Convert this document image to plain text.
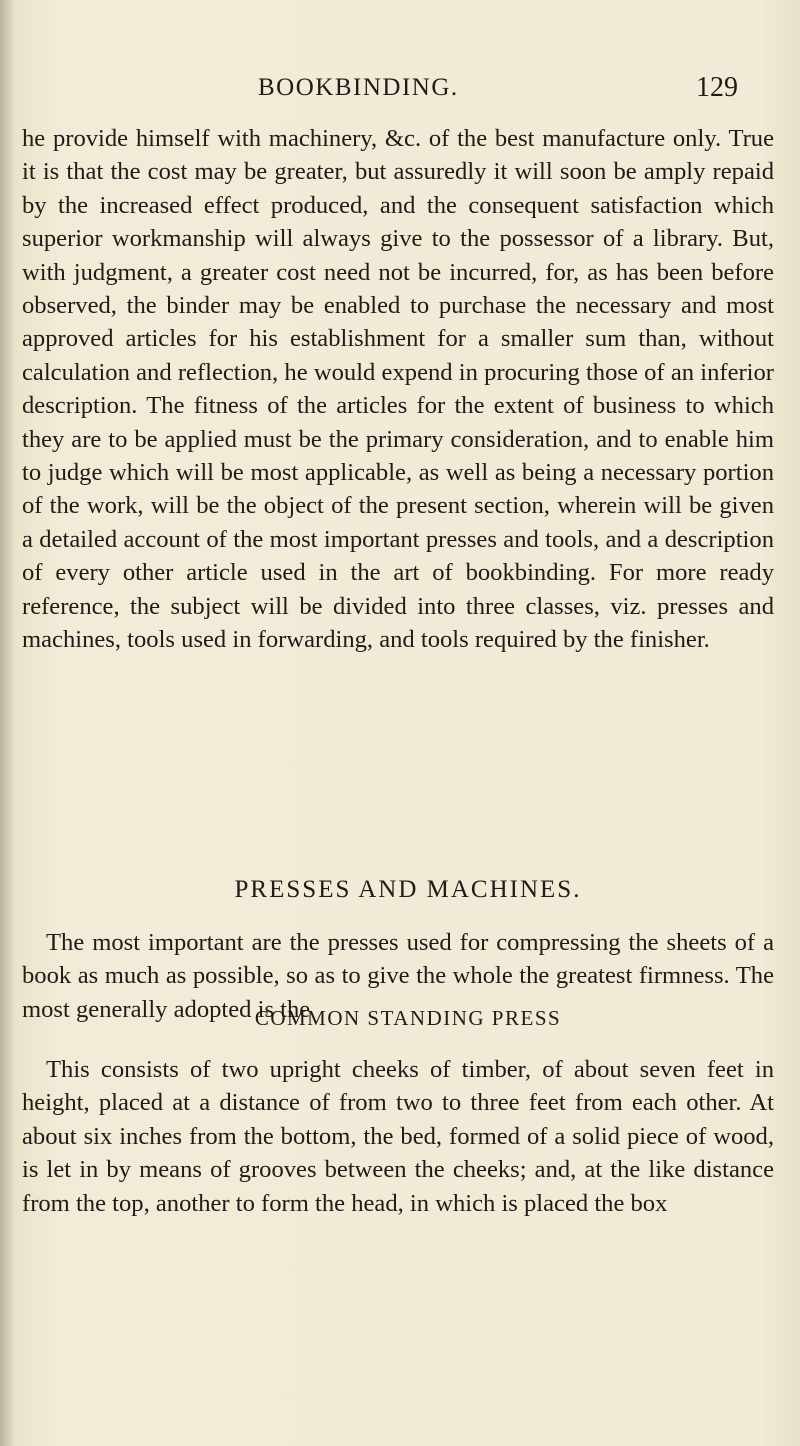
BOOKBINDING.	129

he provide himself with machinery, &c. of the best manufacture only. True it is that the cost may be greater, but assuredly it will soon be amply repaid by the increased effect produced, and the consequent satisfaction which superior workmanship will always give to the possessor of a library. But, with judgment, a greater cost need not be incurred, for, as has been before observed, the binder may be enabled to purchase the necessary and most approved articles for his establishment for a smaller sum than, without calculation and reflection, he would expend in procuring those of an inferior description. The fitness of the articles for the extent of business to which they are to be applied must be the primary consideration, and to enable him to judge which will be most applicable, as well as being a necessary portion of the work, will be the object of the present section, wherein will be given a detailed account of the most important presses and tools, and a description of every other article used in the art of bookbinding. For more ready reference, the subject will be divided into three classes, viz. presses and machines, tools used in forwarding, and tools required by the finisher.

PRESSES AND MACHINES.

The most important are the presses used for compressing the sheets of a book as much as possible, so as to give the whole the greatest firmness. The most generally adopted is the

COMMON STANDING PRESS

This consists of two upright cheeks of timber, of about seven feet in height, placed at a distance of from two to three feet from each other. At about six inches from the bottom, the bed, formed of a solid piece of wood, is let in by means of grooves between the cheeks; and, at the like distance from the top, another to form the head, in which is placed the box
